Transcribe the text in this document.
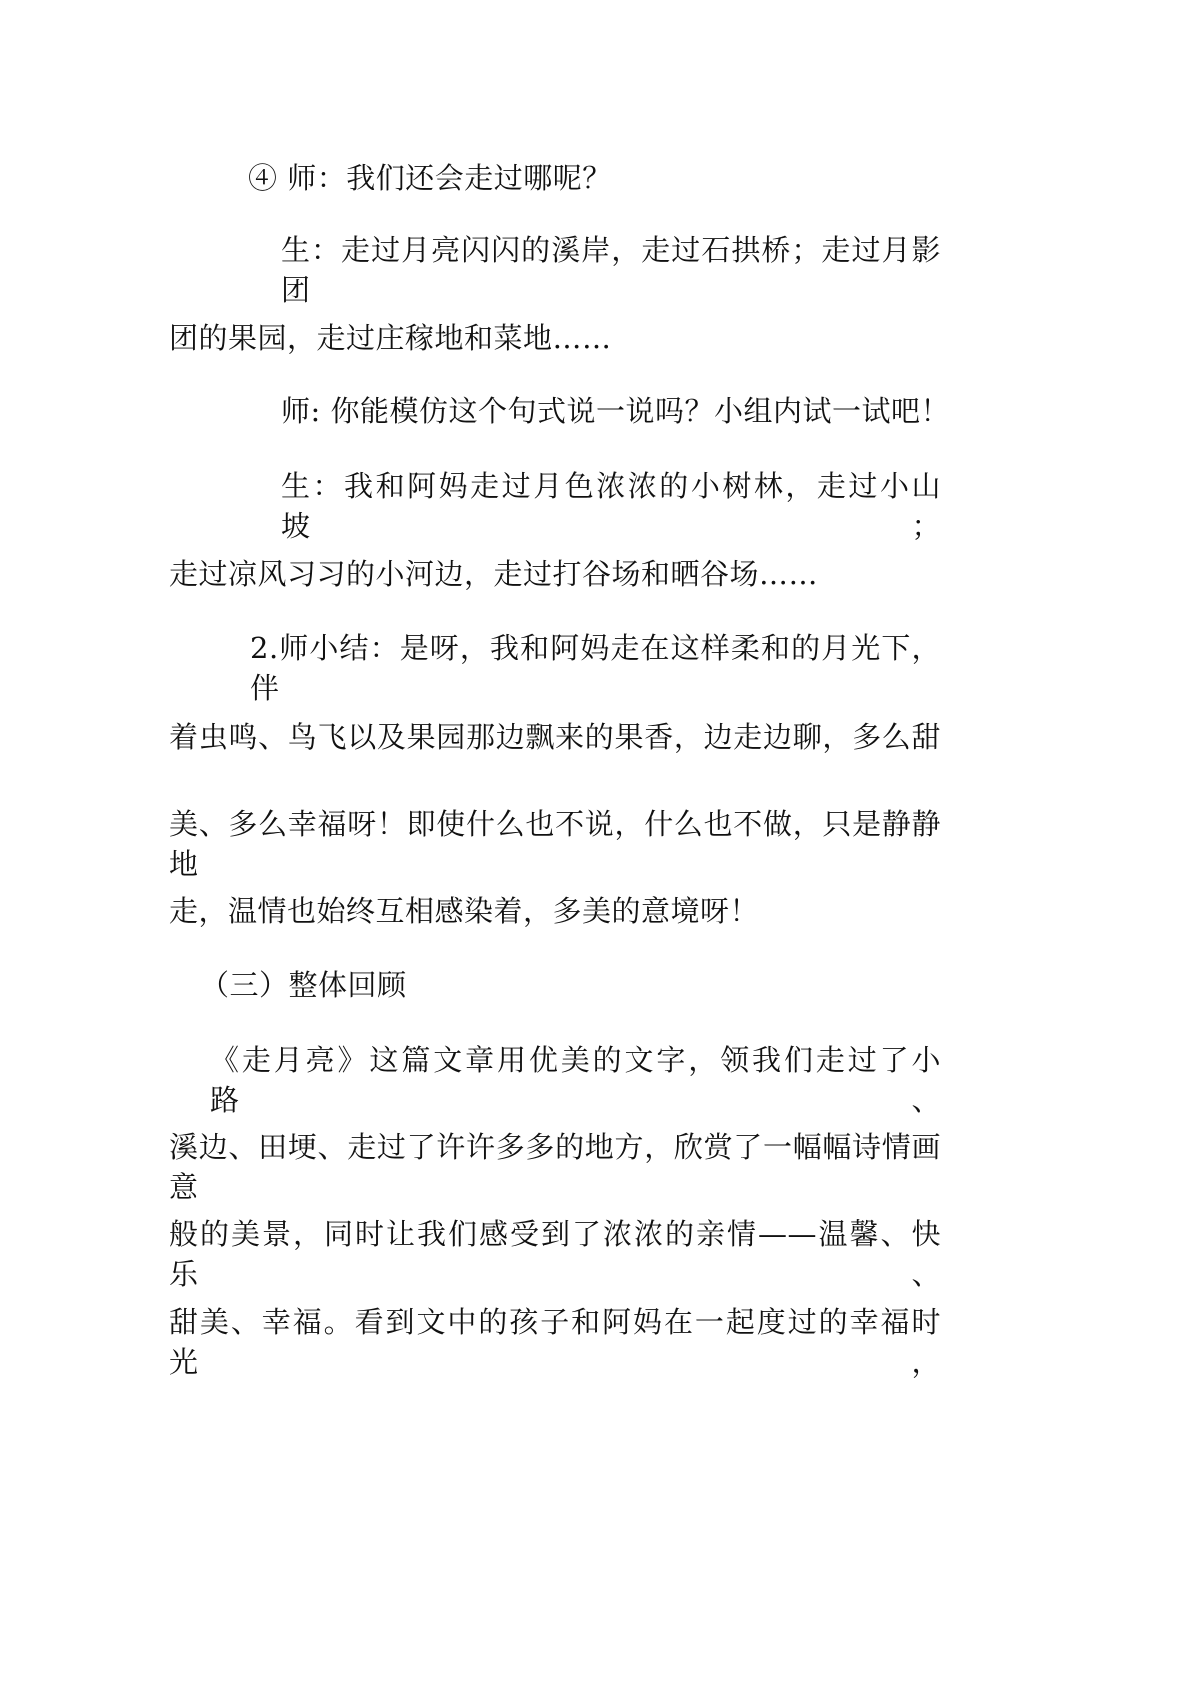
④ 师：我们还会走过哪呢？
生：走过月亮闪闪的溪岸，走过石拱桥；走过月影团
团的果园，走过庄稼地和菜地……
师: 你能模仿这个句式说一说吗？小组内试一试吧！
生：我和阿妈走过月色浓浓的小树林，走过小山坡；
走过凉风习习的小河边，走过打谷场和晒谷场……
2.师小结：是呀，我和阿妈走在这样柔和的月光下，伴
着虫鸣、鸟飞以及果园那边飘来的果香，边走边聊，多么甜
美、多么幸福呀！即使什么也不说，什么也不做，只是静静地
走，温情也始终互相感染着，多美的意境呀！
（三）整体回顾
《走月亮》这篇文章用优美的文字，领我们走过了小路、
溪边、田埂、走过了许许多多的地方，欣赏了一幅幅诗情画意
般的美景，同时让我们感受到了浓浓的亲情——温馨、快乐、
甜美、幸福。看到文中的孩子和阿妈在一起度过的幸福时光，
